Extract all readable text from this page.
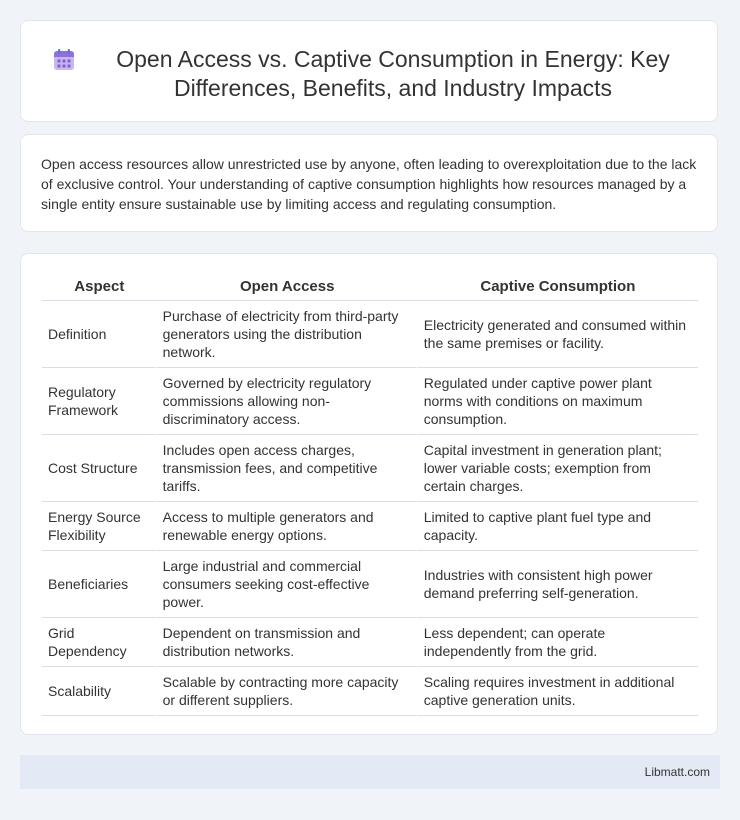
Open Access vs. Captive Consumption in Energy: Key Differences, Benefits, and Industry Impacts

Open access resources allow unrestricted use by anyone, often leading to overexploitation due to the lack of exclusive control. Your understanding of captive consumption highlights how resources managed by a single entity ensure sustainable use by limiting access and regulating consumption.

Aspect	Open Access	Captive Consumption
Definition	Purchase of electricity from third-party generators using the distribution network.	Electricity generated and consumed within the same premises or facility.
Regulatory Framework	Governed by electricity regulatory commissions allowing non-discriminatory access.	Regulated under captive power plant norms with conditions on maximum consumption.
Cost Structure	Includes open access charges, transmission fees, and competitive tariffs.	Capital investment in generation plant; lower variable costs; exemption from certain charges.
Energy Source Flexibility	Access to multiple generators and renewable energy options.	Limited to captive plant fuel type and capacity.
Beneficiaries	Large industrial and commercial consumers seeking cost-effective power.	Industries with consistent high power demand preferring self-generation.
Grid Dependency	Dependent on transmission and distribution networks.	Less dependent; can operate independently from the grid.
Scalability	Scalable by contracting more capacity or different suppliers.	Scaling requires investment in additional captive generation units.
Libmatt.com
